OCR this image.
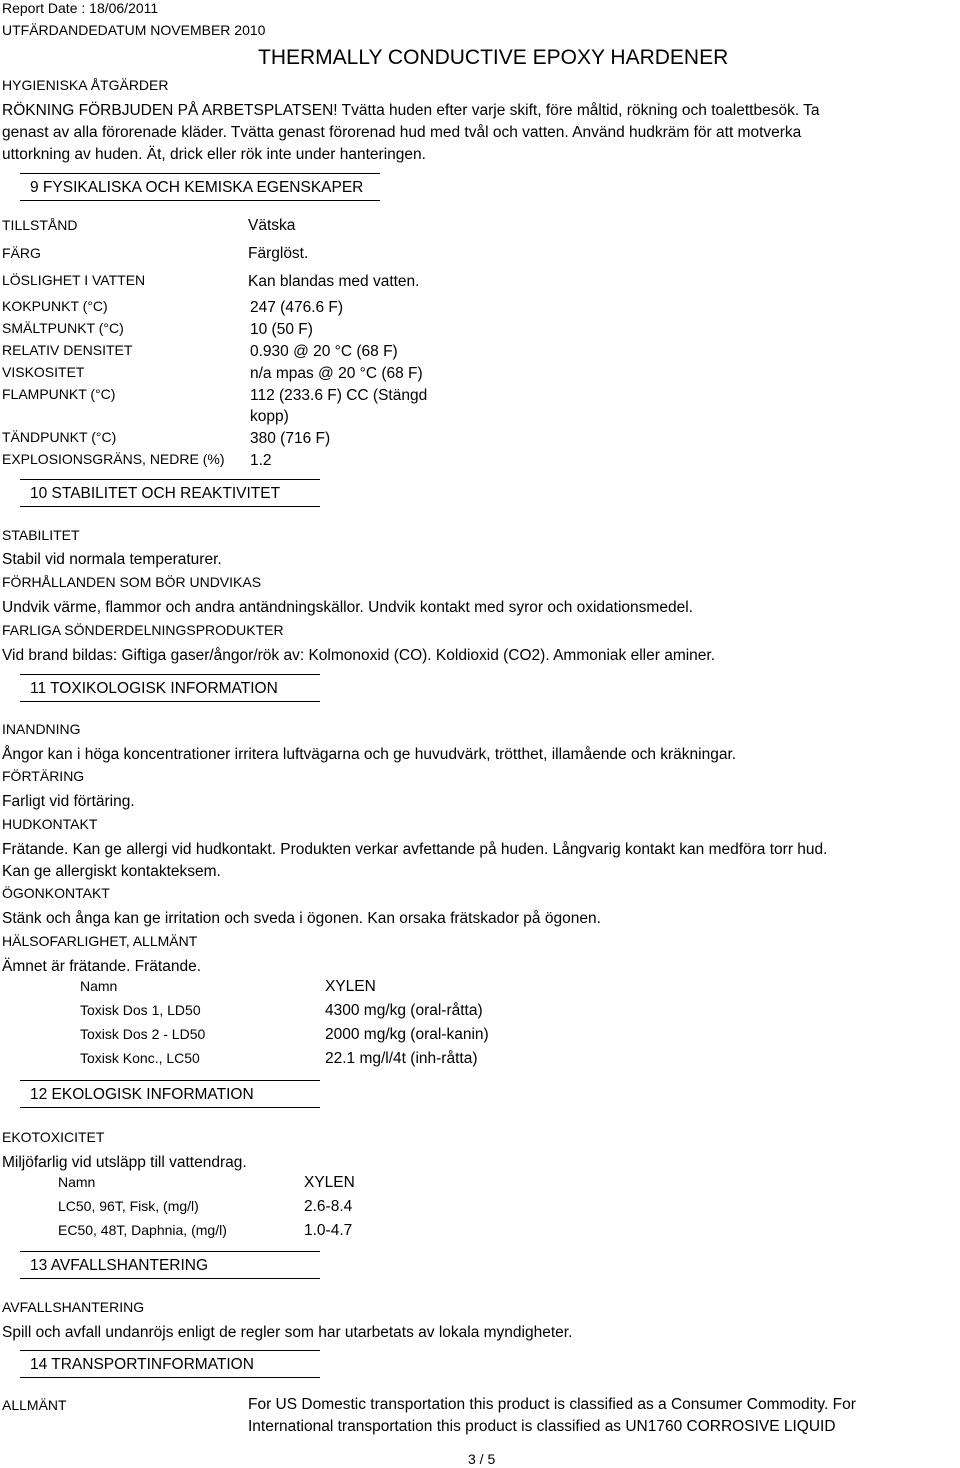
Report Date : 18/06/2011
UTFÄRDANDEDATUM NOVEMBER 2010
THERMALLY CONDUCTIVE EPOXY HARDENER
HYGIENISKA ÅTGÄRDER
RÖKNING FÖRBJUDEN PÅ ARBETSPLATSEN! Tvätta huden efter varje skift, före måltid, rökning och toalettbesök. Ta
genast av alla förorenade kläder. Tvätta genast förorenad hud med tvål och vatten. Använd hudkräm för att motverka
uttorkning av huden. Ät, drick eller rök inte under hanteringen.
9 FYSIKALISKA OCH KEMISKA EGENSKAPER
TILLSTÅND	Vätska
FÄRG	Färglöst.
LÖSLIGHET I VATTEN	Kan blandas med vatten.
KOKPUNKT (°C)	247 (476.6 F)
SMÄLTPUNKT (°C)	10 (50 F)
RELATIV DENSITET	0.930 @ 20 °C (68 F)
VISKOSITET	n/a mpas @ 20 °C (68 F)
FLAMPUNKT (°C)	112 (233.6 F) CC (Stängd
kopp)
TÄNDPUNKT (°C)	380 (716 F)
EXPLOSIONSGRÄNS, NEDRE (%) 1.2
10 STABILITET OCH REAKTIVITET
STABILITET
Stabil vid normala temperaturer.
FÖRHÅLLANDEN SOM BÖR UNDVIKAS
Undvik värme, flammor och andra antändningskällor. Undvik kontakt med syror och oxidationsmedel.
FARLIGA SÖNDERDELNINGSPRODUKTER
Vid brand bildas: Giftiga gaser/ångor/rök av: Kolmonoxid (CO). Koldioxid (CO2). Ammoniak eller aminer.
11 TOXIKOLOGISK INFORMATION
INANDNING
Ångor kan i höga koncentrationer irritera luftvägarna och ge huvudvärk, trötthet, illamående och kräkningar.
FÖRTÄRING
Farligt vid förtäring.
HUDKONTAKT
Frätande. Kan ge allergi vid hudkontakt. Produkten verkar avfettande på huden. Långvarig kontakt kan medföra torr hud.
Kan ge allergiskt kontakteksem.
ÖGONKONTAKT
Stänk och ånga kan ge irritation och sveda i ögonen. Kan orsaka frätskador på ögonen.
HÄLSOFARLIGHET, ALLMÄNT
Ämnet är frätande. Frätande.
Namn	XYLEN
Toxisk Dos 1, LD50	4300 mg/kg (oral-råtta)
Toxisk Dos 2 - LD50	2000 mg/kg (oral-kanin)
Toxisk Konc., LC50	22.1 mg/l/4t (inh-råtta)
12 EKOLOGISK INFORMATION
EKOTOXICITET
Miljöfarlig vid utsläpp till vattendrag.
Namn	XYLEN
LC50, 96T, Fisk, (mg/l)	2.6-8.4
EC50, 48T, Daphnia, (mg/l)	1.0-4.7
13 AVFALLSHANTERING
AVFALLSHANTERING
Spill och avfall undanröjs enligt de regler som har utarbetats av lokala myndigheter.
14 TRANSPORTINFORMATION
ALLMÄNT	For US Domestic transportation this product is classified as a Consumer Commodity. For
International transportation this product is classified as UN1760 CORROSIVE LIQUID
3 / 5
